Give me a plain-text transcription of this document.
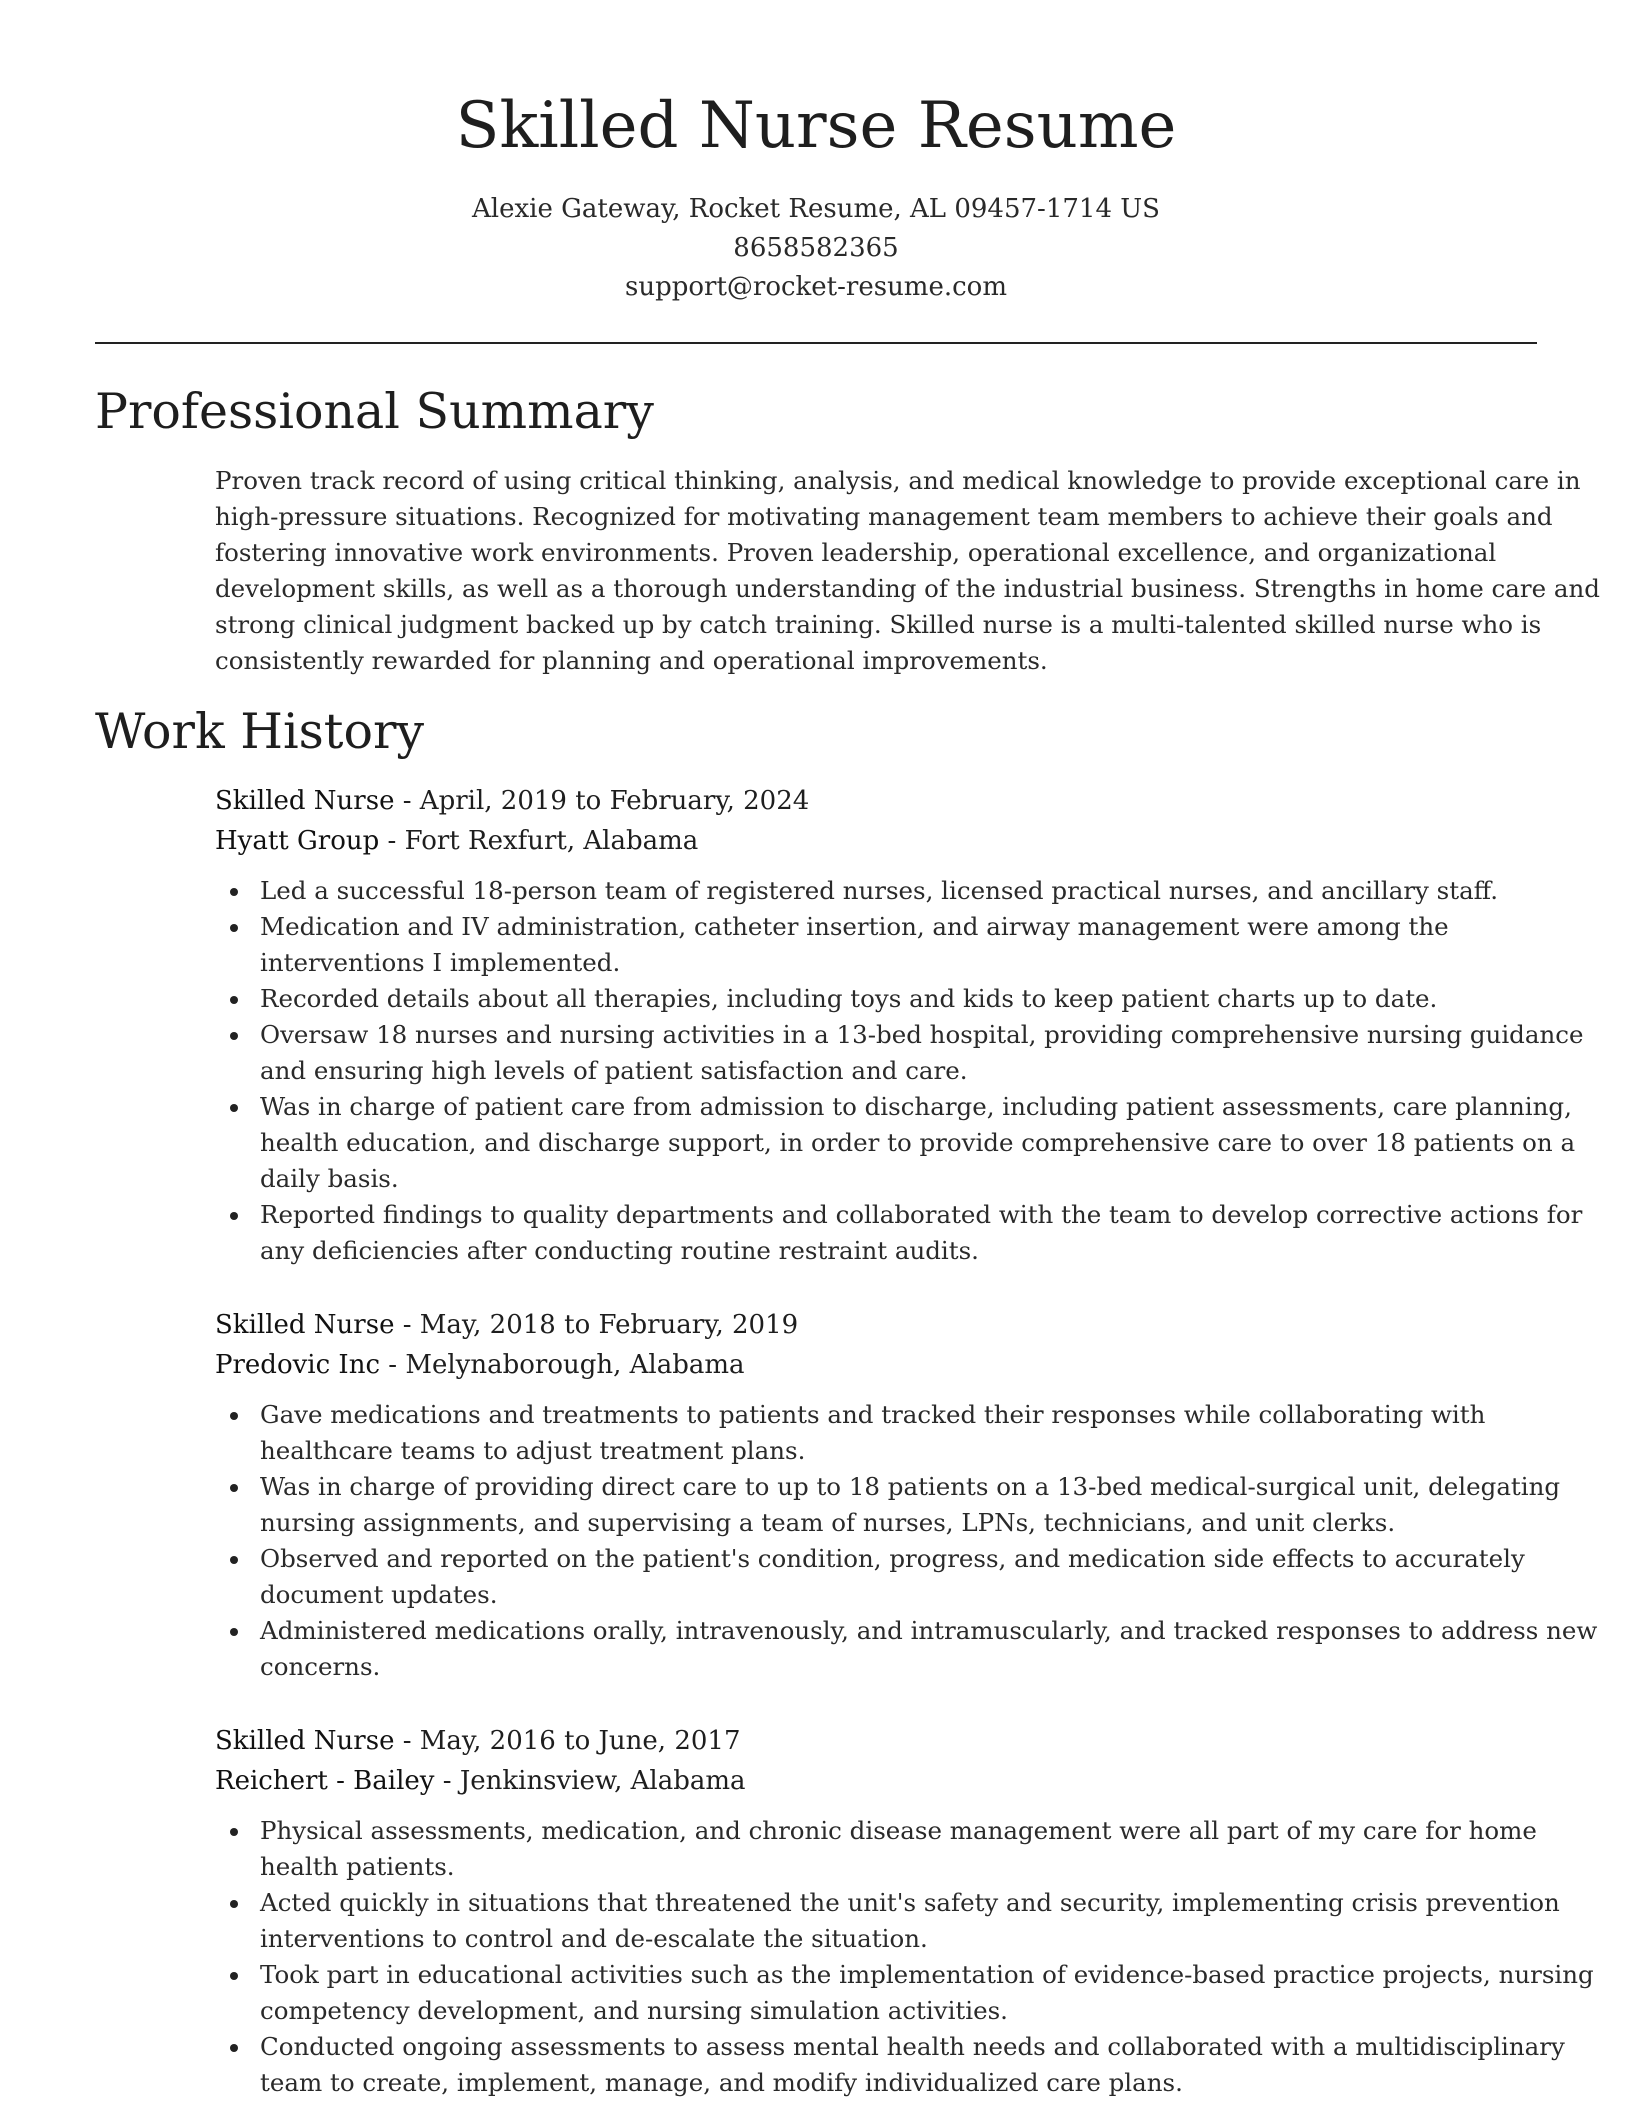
Skilled Nurse Resume
Alexie Gateway, Rocket Resume, AL 09457-1714 US
8658582365
support@rocket-resume.com
Professional Summary
Proven track record of using critical thinking, analysis, and medical knowledge to provide exceptional care in
high-pressure situations. Recognized for motivating management team members to achieve their goals and
fostering innovative work environments. Proven leadership, operational excellence, and organizational
development skills, as well as a thorough understanding of the industrial business. Strengths in home care and
strong clinical judgment backed up by catch training. Skilled nurse is a multi-talented skilled nurse who is
consistently rewarded for planning and operational improvements.
Work History
Skilled Nurse - April, 2019 to February, 2024
Hyatt Group - Fort Rexfurt, Alabama
Led a successful 18-person team of registered nurses, licensed practical nurses, and ancillary staff.
Medication and IV administration, catheter insertion, and airway management were among the
interventions I implemented.
Recorded details about all therapies, including toys and kids to keep patient charts up to date.
Oversaw 18 nurses and nursing activities in a 13-bed hospital, providing comprehensive nursing guidance
and ensuring high levels of patient satisfaction and care.
Was in charge of patient care from admission to discharge, including patient assessments, care planning,
health education, and discharge support, in order to provide comprehensive care to over 18 patients on a
daily basis.
Reported findings to quality departments and collaborated with the team to develop corrective actions for
any deficiencies after conducting routine restraint audits.
Skilled Nurse - May, 2018 to February, 2019
Predovic Inc - Melynaborough, Alabama
Gave medications and treatments to patients and tracked their responses while collaborating with
healthcare teams to adjust treatment plans.
Was in charge of providing direct care to up to 18 patients on a 13-bed medical-surgical unit, delegating
nursing assignments, and supervising a team of nurses, LPNs, technicians, and unit clerks.
Observed and reported on the patient's condition, progress, and medication side effects to accurately
document updates.
Administered medications orally, intravenously, and intramuscularly, and tracked responses to address new
concerns.
Skilled Nurse - May, 2016 to June, 2017
Reichert - Bailey - Jenkinsview, Alabama
Physical assessments, medication, and chronic disease management were all part of my care for home
health patients.
Acted quickly in situations that threatened the unit's safety and security, implementing crisis prevention
interventions to control and de-escalate the situation.
Took part in educational activities such as the implementation of evidence-based practice projects, nursing
competency development, and nursing simulation activities.
Conducted ongoing assessments to assess mental health needs and collaborated with a multidisciplinary
team to create, implement, manage, and modify individualized care plans.
